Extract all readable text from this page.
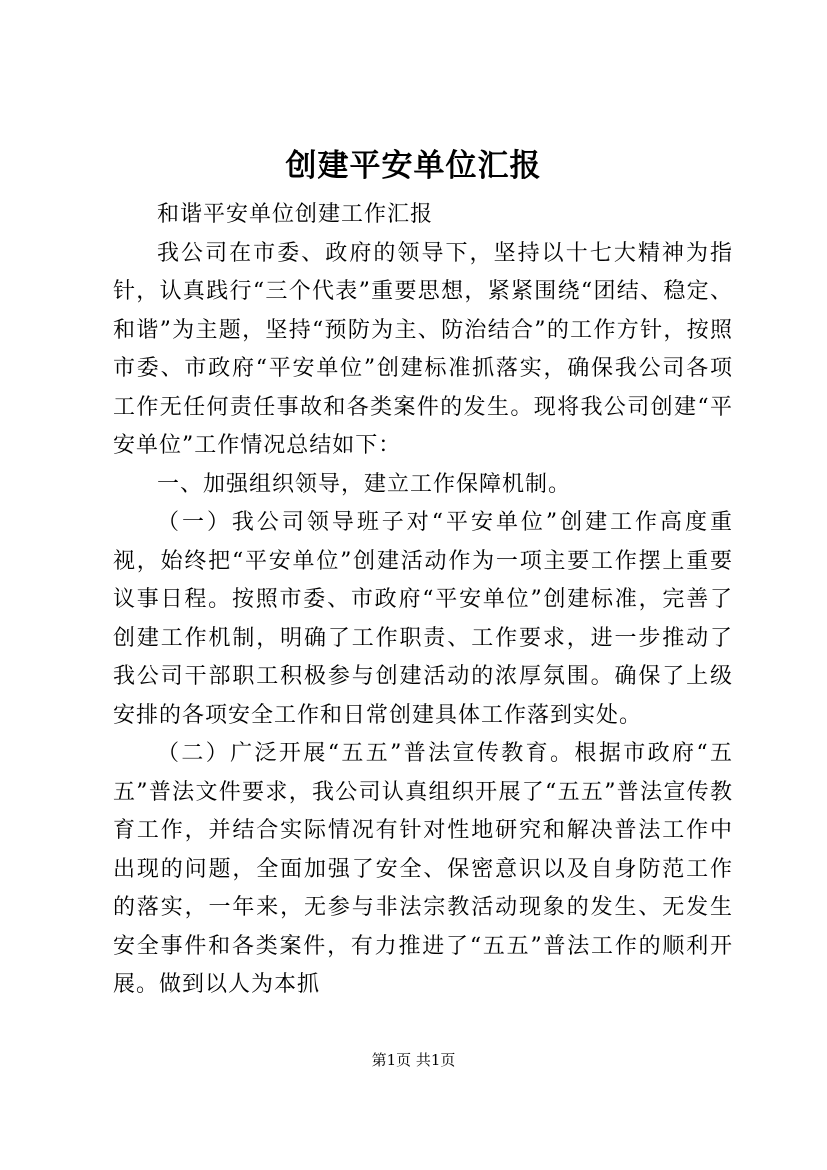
创建平安单位汇报

和谐平安单位创建工作汇报

我公司在市委、政府的领导下，坚持以十七大精神为指针，认真践行“三个代表”重要思想，紧紧围绕“团结、稳定、和谐”为主题，坚持“预防为主、防治结合”的工作方针，按照市委、市政府“平安单位”创建标准抓落实，确保我公司各项工作无任何责任事故和各类案件的发生。现将我公司创建“平安单位”工作情况总结如下：

一、加强组织领导，建立工作保障机制。

（一）我公司领导班子对“平安单位”创建工作高度重视，始终把“平安单位”创建活动作为一项主要工作摆上重要议事日程。按照市委、市政府“平安单位”创建标准，完善了创建工作机制，明确了工作职责、工作要求，进一步推动了我公司干部职工积极参与创建活动的浓厚氛围。确保了上级安排的各项安全工作和日常创建具体工作落到实处。

（二）广泛开展“五五”普法宣传教育。根据市政府“五五”普法文件要求，我公司认真组织开展了“五五”普法宣传教育工作，并结合实际情况有针对性地研究和解决普法工作中出现的问题，全面加强了安全、保密意识以及自身防范工作的落实，一年来，无参与非法宗教活动现象的发生、无发生安全事件和各类案件，有力推进了“五五”普法工作的顺利开展。做到以人为本抓

第1页 共1页
